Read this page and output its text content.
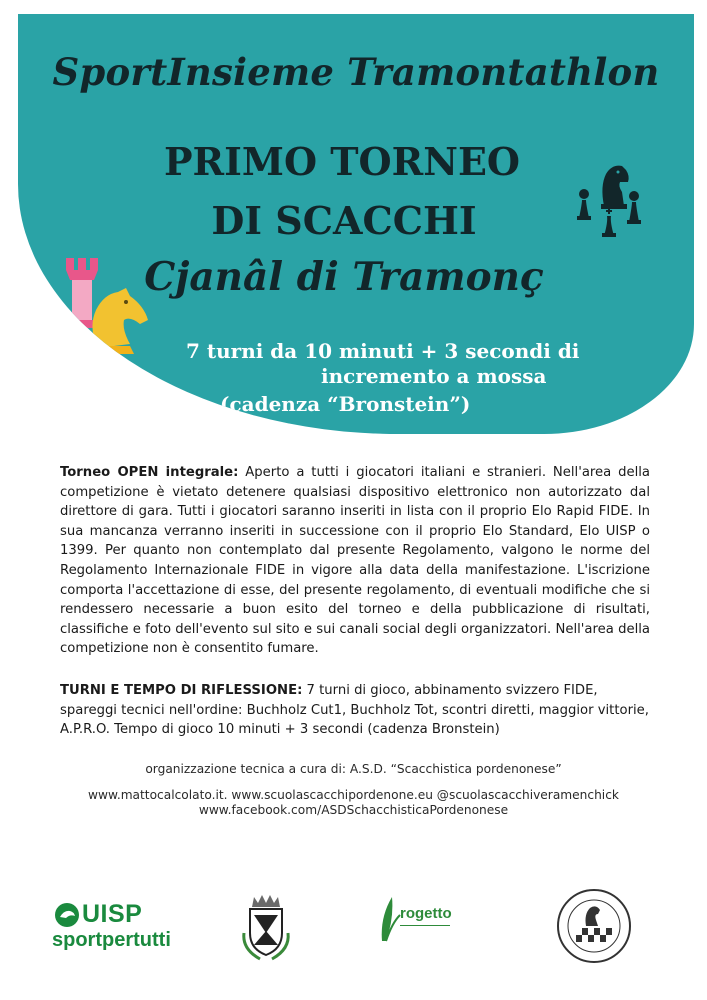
SportInsieme Tramontathlon
PRIMO TORNEO
DI SCACCHI
Cjanâl di Tramonç
7 turni da 10 minuti + 3 secondi di
incremento a mossa
(cadenza “Bronstein”)
Torneo OPEN integrale: Aperto a tutti i giocatori italiani e stranieri. Nell'area della competizione è vietato detenere qualsiasi dispositivo elettronico non autorizzato dal direttore di gara. Tutti i giocatori saranno inseriti in lista con il proprio Elo Rapid FIDE. In sua mancanza verranno inseriti in successione con il proprio Elo Standard, Elo UISP o 1399. Per quanto non contemplato dal presente Regolamento, valgono le norme del Regolamento Internazionale FIDE in vigore alla data della manifestazione. L'iscrizione comporta l'accettazione di esse, del presente regolamento, di eventuali modifiche che si rendessero necessarie a buon esito del torneo e della pubblicazione di risultati, classifiche e foto dell'evento sul sito e sui canali social degli organizzatori. Nell'area della competizione non è consentito fumare.
TURNI E TEMPO DI RIFLESSIONE: 7 turni di gioco, abbinamento svizzero FIDE, spareggi tecnici nell'ordine: Buchholz Cut1, Buchholz Tot, scontri diretti, maggior vittorie, A.P.R.O. Tempo di gioco 10 minuti + 3 secondi (cadenza Bronstein)
organizzazione tecnica a cura di: A.S.D. “Scacchistica pordenonese”
www.mattocalcolato.it. www.scuolascacchipordenone.eu @scuolascacchiveramenchick
www.facebook.com/ASDSchacchisticaPordenonese
UISP
sportpertutti
rogetto
